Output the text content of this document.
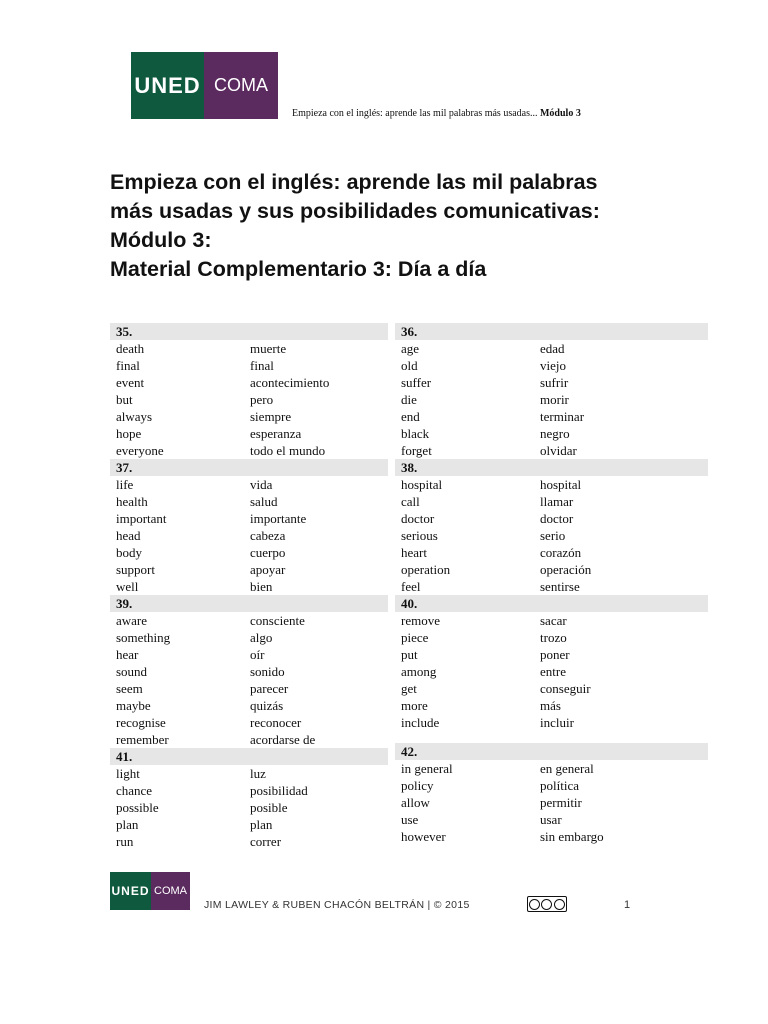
UNED COMA
Empieza con el inglés: aprende las mil palabras más usadas... Módulo 3
Empieza con el inglés: aprende las mil palabras
más usadas y sus posibilidades comunicativas:
Módulo 3:
Material Complementario 3: Día a día
35.
death	muerte
final	final
event	acontecimiento
but	pero
always	siempre
hope	esperanza
everyone	todo el mundo
37.
life	vida
health	salud
important	importante
head	cabeza
body	cuerpo
support	apoyar
well	bien
39.
aware	consciente
something	algo
hear	oír
sound	sonido
seem	parecer
maybe	quizás
recognise	reconocer
remember	acordarse de
41.
light	luz
chance	posibilidad
possible	posible
plan	plan
run	correr
36.
age	edad
old	viejo
suffer	sufrir
die	morir
end	terminar
black	negro
forget	olvidar
38.
hospital	hospital
call	llamar
doctor	doctor
serious	serio
heart	corazón
operation	operación
feel	sentirse
40.
remove	sacar
piece	trozo
put	poner
among	entre
get	conseguir
more	más
include	incluir
42.
in general	en general
policy	política
allow	permitir
use	usar
however	sin embargo
UNED COMA
JIM LAWLEY & RUBEN CHACÓN BELTRÁN | © 2015	1
